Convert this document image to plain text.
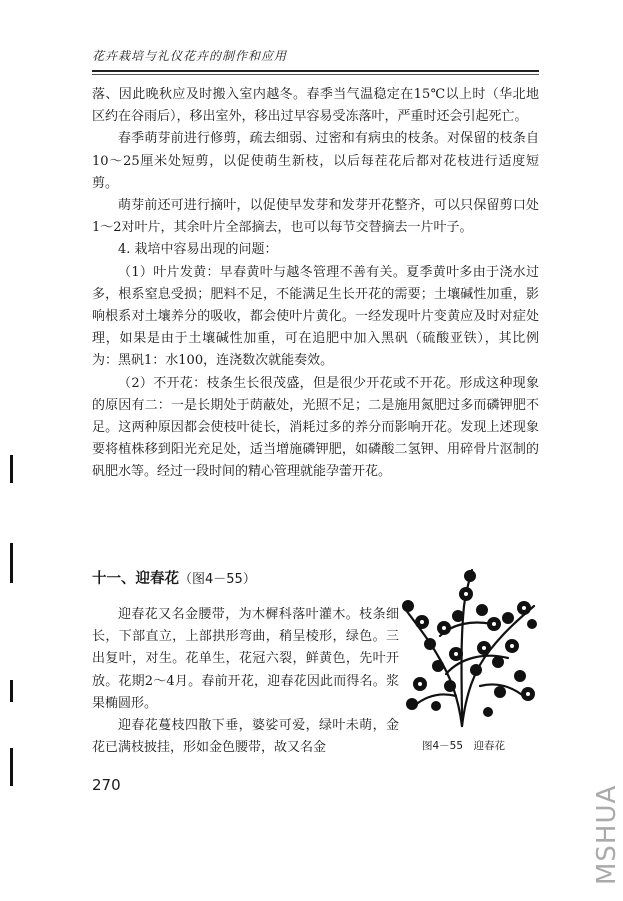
花卉栽培与礼仪花卉的制作和应用

落、因此晚秋应及时搬入室内越冬。春季当气温稳定在15℃以上时（华北地区约在谷雨后），移出室外，移出过早容易受冻落叶，严重时还会引起死亡。

春季萌芽前进行修剪，疏去细弱、过密和有病虫的枝条。对保留的枝条自10～25厘米处短剪，以促使萌生新枝，以后每茬花后都对花枝进行适度短剪。

萌芽前还可进行摘叶，以促使早发芽和发芽开花整齐，可以只保留剪口处1～2对叶片，其余叶片全部摘去，也可以每节交替摘去一片叶子。

4. 栽培中容易出现的问题：

（1）叶片发黄：早春黄叶与越冬管理不善有关。夏季黄叶多由于浇水过多，根系窒息受损；肥料不足，不能满足生长开花的需要；土壤碱性加重，影响根系对土壤养分的吸收，都会使叶片黄化。一经发现叶片变黄应及时对症处理，如果是由于土壤碱性加重，可在追肥中加入黑矾（硫酸亚铁），其比例为：黑矾1：水100，连浇数次就能奏效。

（2）不开花：枝条生长很茂盛，但是很少开花或不开花。形成这种现象的原因有二：一是长期处于荫蔽处，光照不足；二是施用氮肥过多而磷钾肥不足。这两种原因都会使枝叶徒长，消耗过多的养分而影响开花。发现上述现象要将植株移到阳光充足处，适当增施磷钾肥，如磷酸二氢钾、用碎骨片沤制的矾肥水等。经过一段时间的精心管理就能孕蕾开花。

十一、迎春花（图4－55）

迎春花又名金腰带，为木樨科落叶灌木。枝条细长，下部直立，上部拱形弯曲，稍呈棱形，绿色。三出复叶，对生。花单生，花冠六裂，鲜黄色，先叶开放。花期2～4月。春前开花，迎春花因此而得名。浆果椭圆形。

迎春花蔓枝四散下垂，婆娑可爱，绿叶未萌，金花已满枝披挂，形如金色腰带，故又名金	图4－55　迎春花
270	MSHUA
